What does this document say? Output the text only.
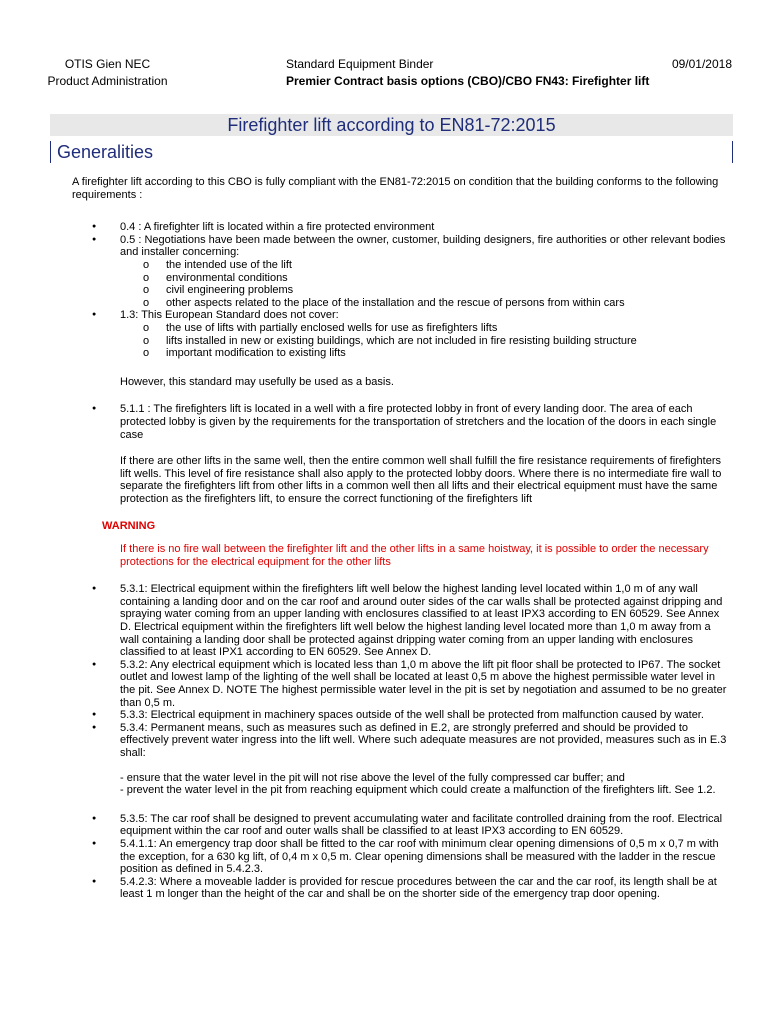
OTIS Gien NEC
Product Administration
Standard Equipment Binder
Premier Contract basis options (CBO)/CBO FN43: Firefighter lift
09/01/2018
Firefighter lift according to EN81-72:2015
Generalities

A firefighter lift according to this CBO is fully compliant with the EN81-72:2015 on condition that the building conforms to the following requirements :

● 0.4 : A firefighter lift is located within a fire protected environment

● 0.5 : Negotiations have been made between the owner, customer, building designers, fire authorities or other relevant bodies and installer concerning:

o the intended use of the lift

o environmental conditions

o civil engineering problems

o other aspects related to the place of the installation and the rescue of persons from within cars

● 1.3: This European Standard does not cover:

o the use of lifts with partially enclosed wells for use as firefighters lifts

o lifts installed in new or existing buildings, which are not included in fire resisting building structure

o important modification to existing lifts

However, this standard may usefully be used as a basis.

● 5.1.1 : The firefighters lift is located in a well with a fire protected lobby in front of every landing door. The area of each protected lobby is given by the requirements for the transportation of stretchers and the location of the doors in each single case

If there are other lifts in the same well, then the entire common well shall fulfill the fire resistance requirements of firefighters lift wells. This level of fire resistance shall also apply to the protected lobby doors. Where there is no intermediate fire wall to separate the firefighters lift from other lifts in a common well then all lifts and their electrical equipment must have the same protection as the firefighters lift, to ensure the correct functioning of the firefighters lift

WARNING

If there is no fire wall between the firefighter lift and the other lifts in a same hoistway, it is possible to order the necessary protections for the electrical equipment for the other lifts

● 5.3.1: Electrical equipment within the firefighters lift well below the highest landing level located within 1,0 m of any wall containing a landing door and on the car roof and around outer sides of the car walls shall be protected against dripping and spraying water coming from an upper landing with enclosures classified to at least IPX3 according to EN 60529. See Annex D. Electrical equipment within the firefighters lift well below the highest landing level located more than 1,0 m away from a wall containing a landing door shall be protected against dripping water coming from an upper landing with enclosures classified to at least IPX1 according to EN 60529. See Annex D.

● 5.3.2: Any electrical equipment which is located less than 1,0 m above the lift pit floor shall be protected to IP67. The socket outlet and lowest lamp of the lighting of the well shall be located at least 0,5 m above the highest permissible water level in the pit. See Annex D. NOTE The highest permissible water level in the pit is set by negotiation and assumed to be no greater than 0,5 m.

● 5.3.3: Electrical equipment in machinery spaces outside of the well shall be protected from malfunction caused by water.

● 5.3.4: Permanent means, such as measures such as defined in E.2, are strongly preferred and should be provided to effectively prevent water ingress into the lift well. Where such adequate measures are not provided, measures such as in E.3 shall:

- ensure that the water level in the pit will not rise above the level of the fully compressed car buffer; and

- prevent the water level in the pit from reaching equipment which could create a malfunction of the firefighters lift. See 1.2.

● 5.3.5: The car roof shall be designed to prevent accumulating water and facilitate controlled draining from the roof. Electrical equipment within the car roof and outer walls shall be classified to at least IPX3 according to EN 60529.

● 5.4.1.1: An emergency trap door shall be fitted to the car roof with minimum clear opening dimensions of 0,5 m x 0,7 m with the exception, for a 630 kg lift, of 0,4 m x 0,5 m. Clear opening dimensions shall be measured with the ladder in the rescue position as defined in 5.4.2.3.

● 5.4.2.3: Where a moveable ladder is provided for rescue procedures between the car and the car roof, its length shall be at least 1 m longer than the height of the car and shall be on the shorter side of the emergency trap door opening.
